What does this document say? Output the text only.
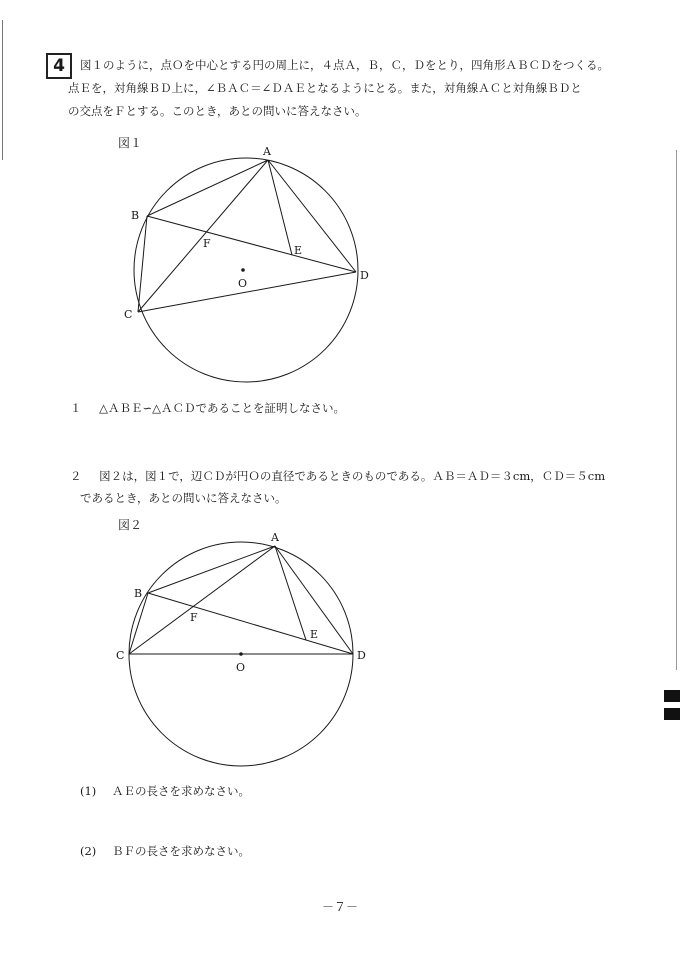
4	図１のように，点Ｏを中心とする円の周上に，４点Ａ，Ｂ，Ｃ，Ｄをとり，四角形ＡＢＣＤをつくる。
点Ｅを，対角線ＢＤ上に，∠ＢＡＣ＝∠ＤＡＥとなるようにとる。また，対角線ＡＣと対角線ＢＤと
の交点をＦとする。このとき，あとの問いに答えなさい。
図１
A
B
C
D
E
F
O
１ △ＡＢＥ∽△ＡＣＤであることを証明しなさい。
２ 図２は，図１で，辺ＣＤが円Ｏの直径であるときのものである。ＡＢ＝ＡＤ＝３cm，ＣＤ＝５cm
であるとき，あとの問いに答えなさい。
図２
A
B
C	D
E
F
O
(1) ＡＥの長さを求めなさい。
(2) ＢＦの長さを求めなさい。
－７－
